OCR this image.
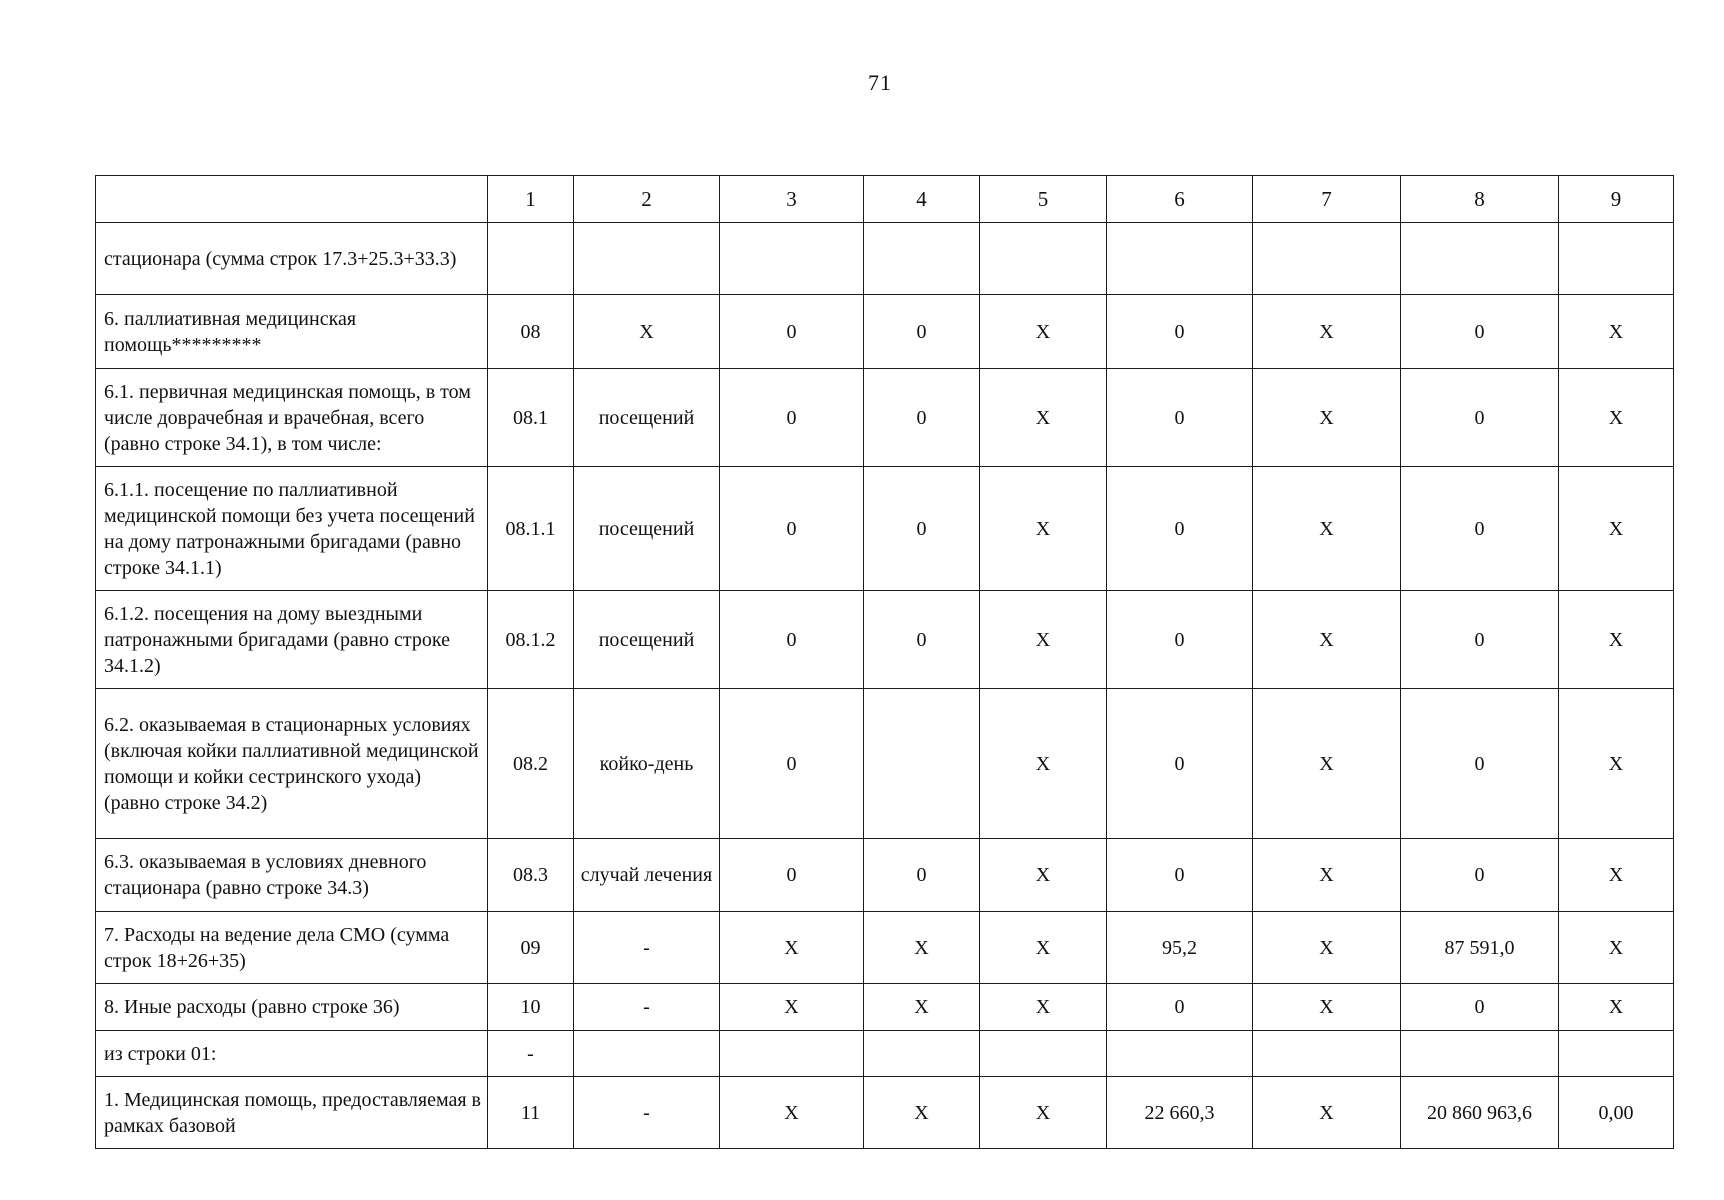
71
	1	2	3	4	5	6	7	8	9
стационара (сумма строк 17.3+25.3+33.3)									
6. паллиативная медицинская помощь*********	08	X	0	0	X	0	X	0	X
6.1. первичная медицинская помощь, в том числе доврачебная и врачебная, всего (равно строке 34.1), в том числе:	08.1	посещений	0	0	X	0	X	0	X
6.1.1. посещение по паллиативной медицинской помощи без учета посещений на дому патронажными бригадами (равно строке 34.1.1)	08.1.1	посещений	0	0	X	0	X	0	X
6.1.2. посещения на дому выездными патронажными бригадами (равно строке 34.1.2)	08.1.2	посещений	0	0	X	0	X	0	X
6.2. оказываемая в стационарных условиях (включая койки паллиативной медицинской помощи и койки сестринского ухода) (равно строке 34.2)	08.2	койко-день	0		X	0	X	0	X
6.3. оказываемая в условиях дневного стационара (равно строке 34.3)	08.3	случай лечения	0	0	X	0	X	0	X
7. Расходы на ведение дела СМО (сумма строк 18+26+35)	09	-	X	X	X	95,2	X	87 591,0	X
8. Иные расходы (равно строке 36)	10	-	X	X	X	0	X	0	X
из строки 01:	-								
1. Медицинская помощь, предоставляемая в рамках базовой	11	-	X	X	X	22 660,3	X	20 860 963,6	0,00
